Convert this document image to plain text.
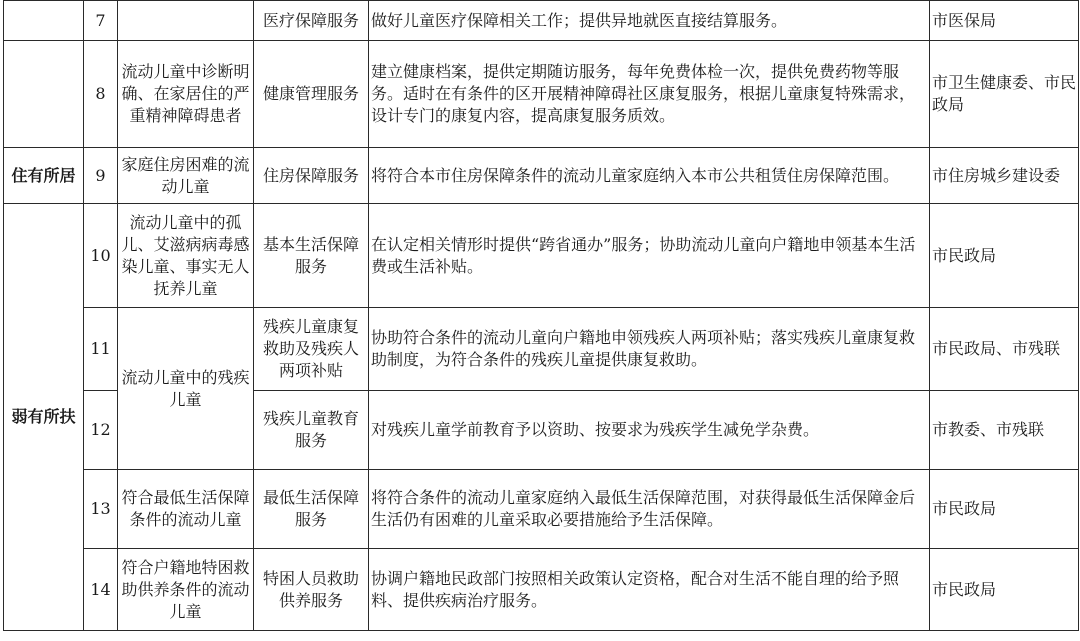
	7		医疗保障服务	做好儿童医疗保障相关工作；提供异地就医直接结算服务。	市医保局
	8	流动儿童中诊断明确、在家居住的严重精神障碍患者	健康管理服务	建立健康档案，提供定期随访服务，每年免费体检一次，提供免费药物等服务。适时在有条件的区开展精神障碍社区康复服务，根据儿童康复特殊需求，设计专门的康复内容，提高康复服务质效。	市卫生健康委、市民政局
住有所居	9	家庭住房困难的流动儿童	住房保障服务	将符合本市住房保障条件的流动儿童家庭纳入本市公共租赁住房保障范围。	市住房城乡建设委
弱有所扶	10	流动儿童中的孤儿、艾滋病病毒感染儿童、事实无人抚养儿童	基本生活保障服务	在认定相关情形时提供“跨省通办”服务；协助流动儿童向户籍地申领基本生活费或生活补贴。	市民政局
	11	流动儿童中的残疾儿童	残疾儿童康复救助及残疾人两项补贴	协助符合条件的流动儿童向户籍地申领残疾人两项补贴；落实残疾儿童康复救助制度，为符合条件的残疾儿童提供康复救助。	市民政局、市残联
	12		残疾儿童教育服务	对残疾儿童学前教育予以资助、按要求为残疾学生减免学杂费。	市教委、市残联
	13	符合最低生活保障条件的流动儿童	最低生活保障服务	将符合条件的流动儿童家庭纳入最低生活保障范围，对获得最低生活保障金后生活仍有困难的儿童采取必要措施给予生活保障。	市民政局
	14	符合户籍地特困救助供养条件的流动儿童	特困人员救助供养服务	协调户籍地民政部门按照相关政策认定资格，配合对生活不能自理的给予照料、提供疾病治疗服务。	市民政局
